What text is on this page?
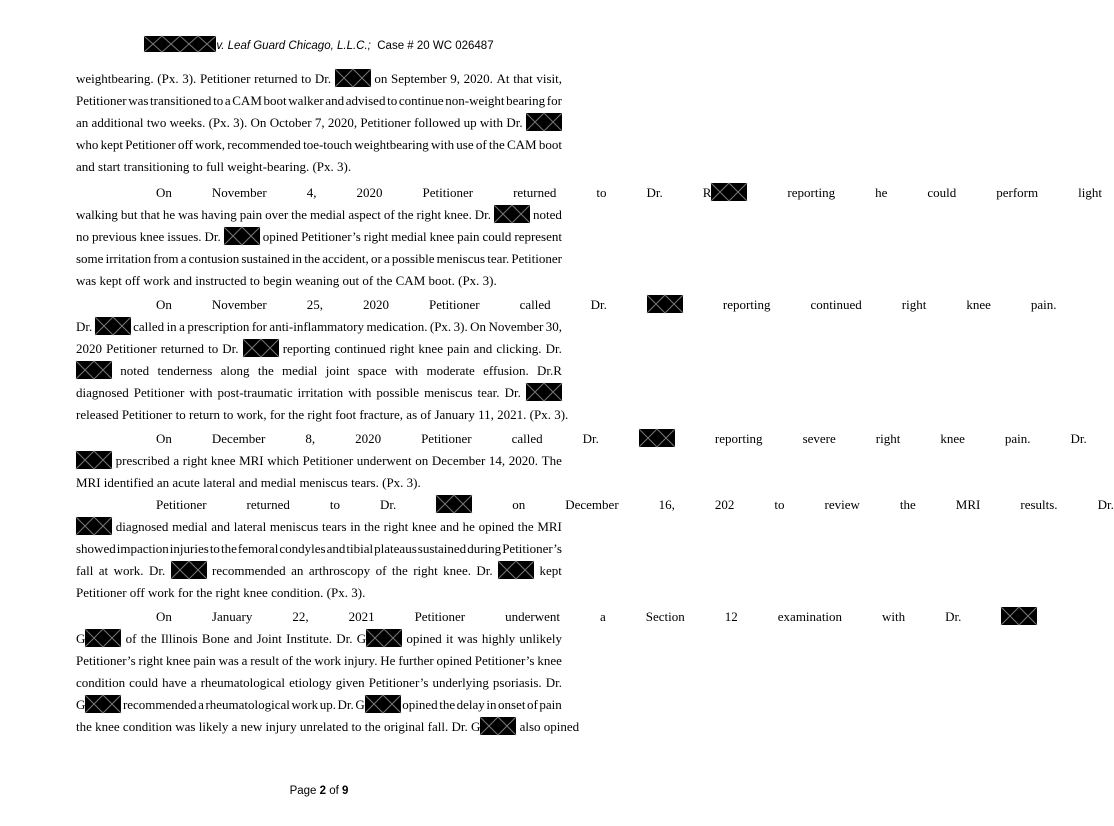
v. Leaf Guard Chicago, L.L.C.; Case # 20 WC 026487
weightbearing. (Px. 3). Petitioner returned to Dr.	on September 9, 2020. At that visit,
Petitioner was transitioned to a CAM boot walker and advised to continue non-weight bearing for
an additional two weeks. (Px. 3). On October 7, 2020, Petitioner followed up with Dr.
who kept Petitioner off work, recommended toe-touch weightbearing with use of the CAM boot
and start transitioning to full weight-bearing. (Px. 3).
On	November	4,	2020	Petitioner	returned	to	Dr.	R	reporting	he	could	perform	light
walking but that he was having pain over the medial aspect of the right knee. Dr.	noted
no previous knee issues. Dr.	opined Petitioner’s right medial knee pain could represent
some irritation from a contusion sustained in the accident, or a possible meniscus tear. Petitioner
was kept off work and instructed to begin weaning out of the CAM boot. (Px. 3).
On	November	25,	2020	Petitioner	called	Dr.	reporting	continued	right	knee	pain.
Dr.	called in a prescription for anti-inflammatory medication. (Px. 3). On November 30,
2020 Petitioner returned to Dr.	reporting continued right knee pain and clicking. Dr.
noted tenderness along the medial joint space with moderate effusion. Dr.R
diagnosed Petitioner with post-traumatic irritation with possible meniscus tear. Dr.
released Petitioner to return to work, for the right foot fracture, as of January 11, 2021. (Px. 3).
On	December	8,	2020	Petitioner	called	Dr.	reporting	severe	right	knee	pain.	Dr.
prescribed a right knee MRI which Petitioner underwent on December 14, 2020. The
MRI identified an acute lateral and medial meniscus tears. (Px. 3).
Petitioner	returned	to	Dr.	on	December	16,	202	to	review	the	MRI	results.	Dr.
diagnosed medial and lateral meniscus tears in the right knee and he opined the MRI
showed impaction injuries to the femoral condyles and tibial plateaus sustained during Petitioner’s
fall at work. Dr.	recommended an arthroscopy of the right knee. Dr.	kept
Petitioner off work for the right knee condition. (Px. 3).
On	January	22,	2021	Petitioner	underwent	a	Section	12	examination	with	Dr.
G	of the Illinois Bone and Joint Institute. Dr. G	opined it was highly unlikely
Petitioner’s right knee pain was a result of the work injury. He further opined Petitioner’s knee
condition could have a rheumatological etiology given Petitioner’s underlying psoriasis. Dr.
G	recommended a rheumatological work up. Dr. G	opined the delay in onset of pain
the knee condition was likely a new injury unrelated to the original fall. Dr. G	also opined
Page 2 of 9
